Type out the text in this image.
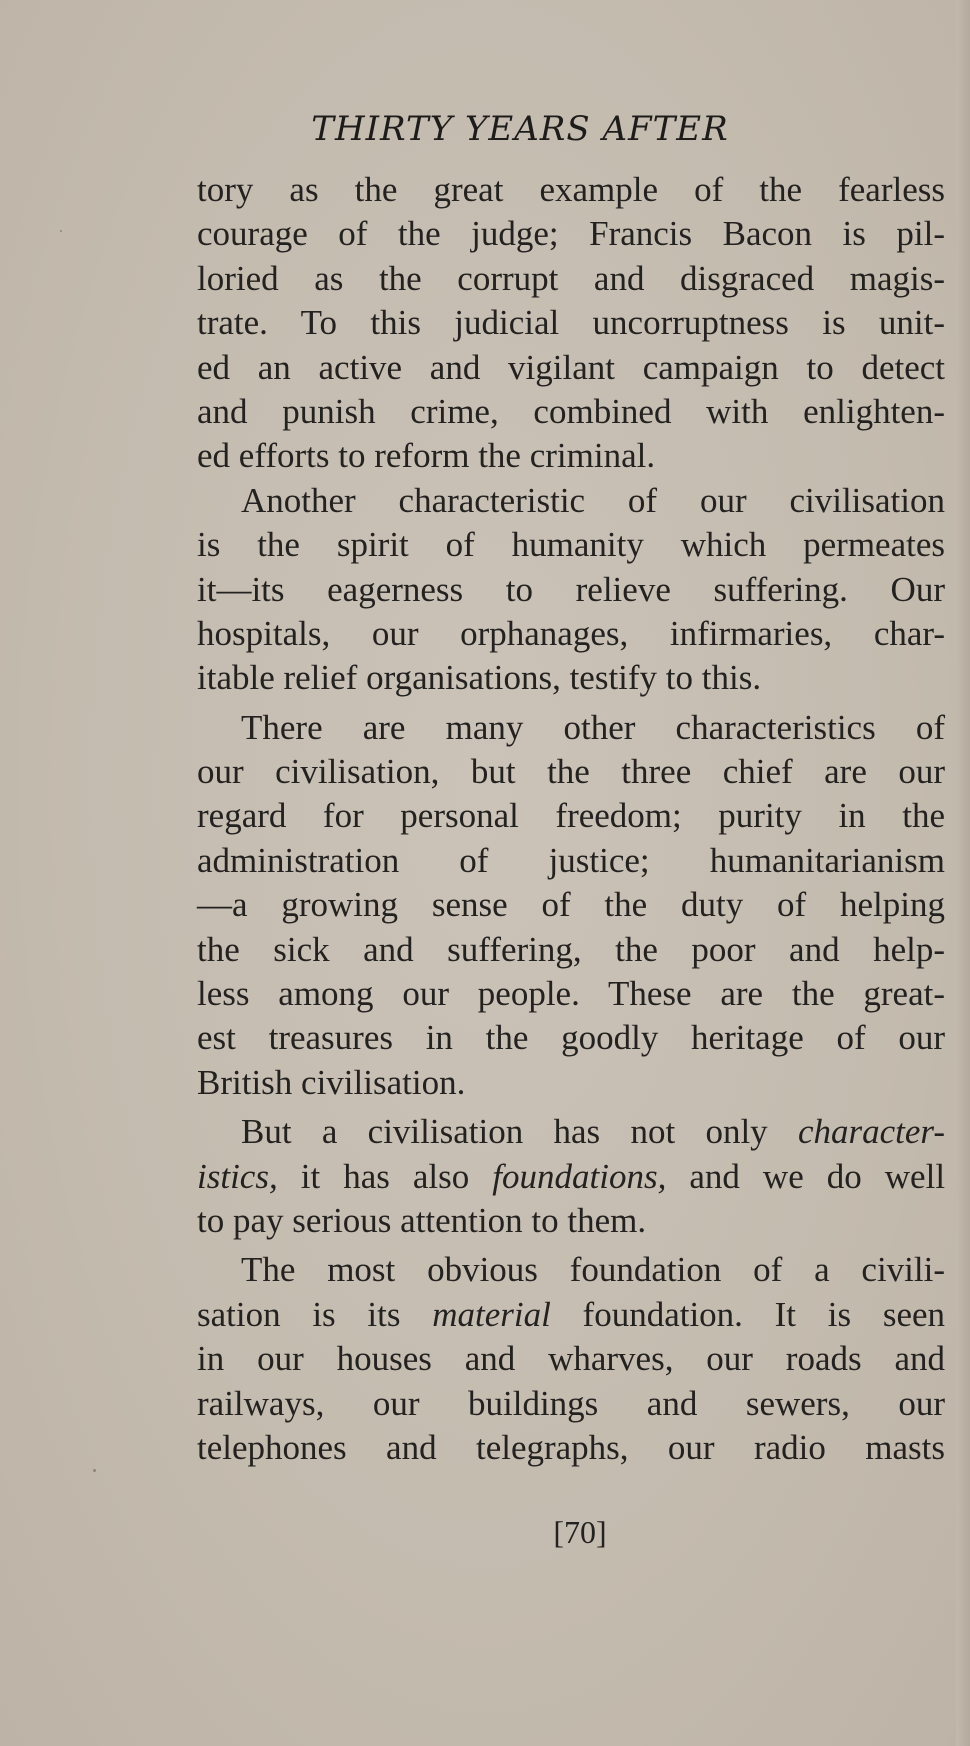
THIRTY YEARS AFTER
tory as the great example of the fearless
courage of the judge; Francis Bacon is pil-
loried as the corrupt and disgraced magis-
trate. To this judicial uncorruptness is unit-
ed an active and vigilant campaign to detect
and punish crime, combined with enlighten-
ed efforts to reform the criminal.
Another characteristic of our civilisation
is the spirit of humanity which permeates
it—its eagerness to relieve suffering. Our
hospitals, our orphanages, infirmaries, char-
itable relief organisations, testify to this.
There are many other characteristics of
our civilisation, but the three chief are our
regard for personal freedom; purity in the
administration of justice; humanitarianism
—a growing sense of the duty of helping
the sick and suffering, the poor and help-
less among our people. These are the great-
est treasures in the goodly heritage of our
British civilisation.
But a civilisation has not only character-
istics, it has also foundations, and we do well
to pay serious attention to them.
The most obvious foundation of a civili-
sation is its material foundation. It is seen
in our houses and wharves, our roads and
railways, our buildings and sewers, our
telephones and telegraphs, our radio masts
[70]
